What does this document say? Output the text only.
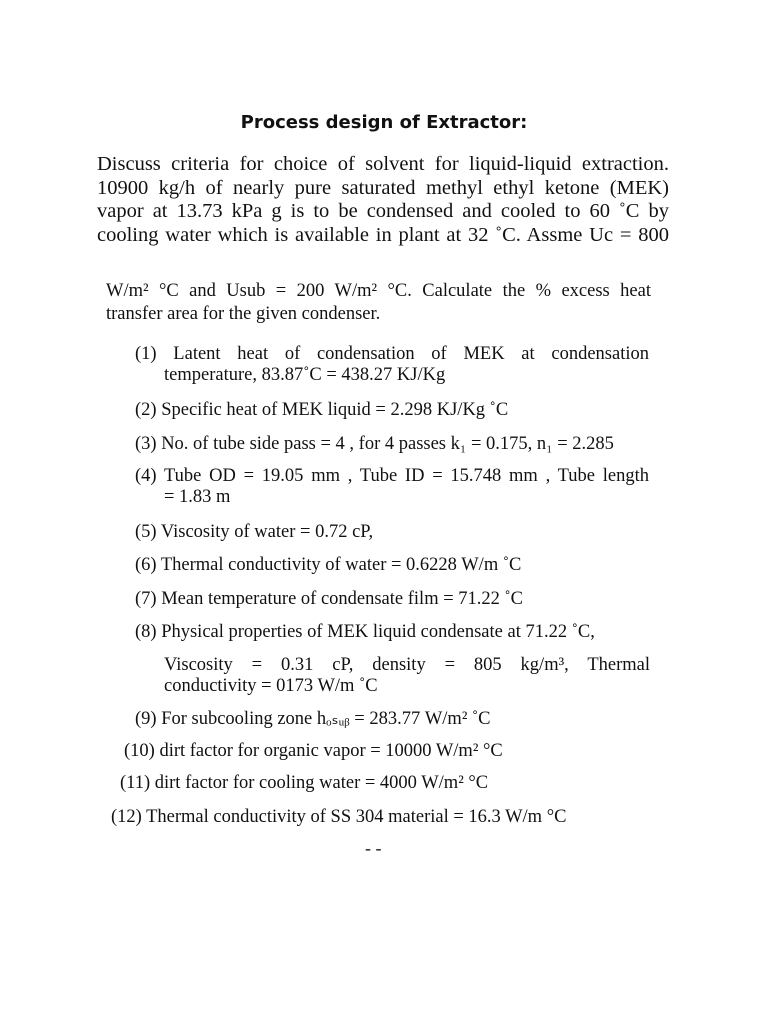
Process design of Extractor:
Discuss criteria for choice of solvent for liquid-liquid extraction.
10900 kg/h of nearly pure saturated methyl ethyl ketone (MEK)
vapor at 13.73 kPa g is to be condensed and cooled to 60 ˚C by
cooling water which is available in plant at 32 ˚C. Assme Uc = 800
W/m² °C and Usub = 200 W/m² °C. Calculate the % excess heat
transfer area for the given condenser.
(1) Latent heat of condensation of MEK at condensation
temperature, 83.87˚C = 438.27 KJ/Kg
(2) Specific heat of MEK liquid = 2.298 KJ/Kg ˚C
(3) No. of tube side pass = 4 , for 4 passes k₁ = 0.175, n₁ = 2.285
(4) Tube OD = 19.05 mm , Tube ID = 15.748 mm , Tube length
= 1.83 m
(5) Viscosity of water = 0.72 cP,
(6) Thermal conductivity of water = 0.6228 W/m ˚C
(7) Mean temperature of condensate film = 71.22 ˚C
(8) Physical properties of MEK liquid condensate at 71.22 ˚C,
Viscosity = 0.31 cP, density = 805 kg/m³, Thermal
conductivity = 0173 W/m ˚C
(9) For subcooling zone hₒₛᵤᵦ = 283.77 W/m² ˚C
(10) dirt factor for organic vapor = 10000 W/m² °C
(11) dirt factor for cooling water = 4000 W/m² °C
(12) Thermal conductivity of SS 304 material = 16.3 W/m °C
- -
